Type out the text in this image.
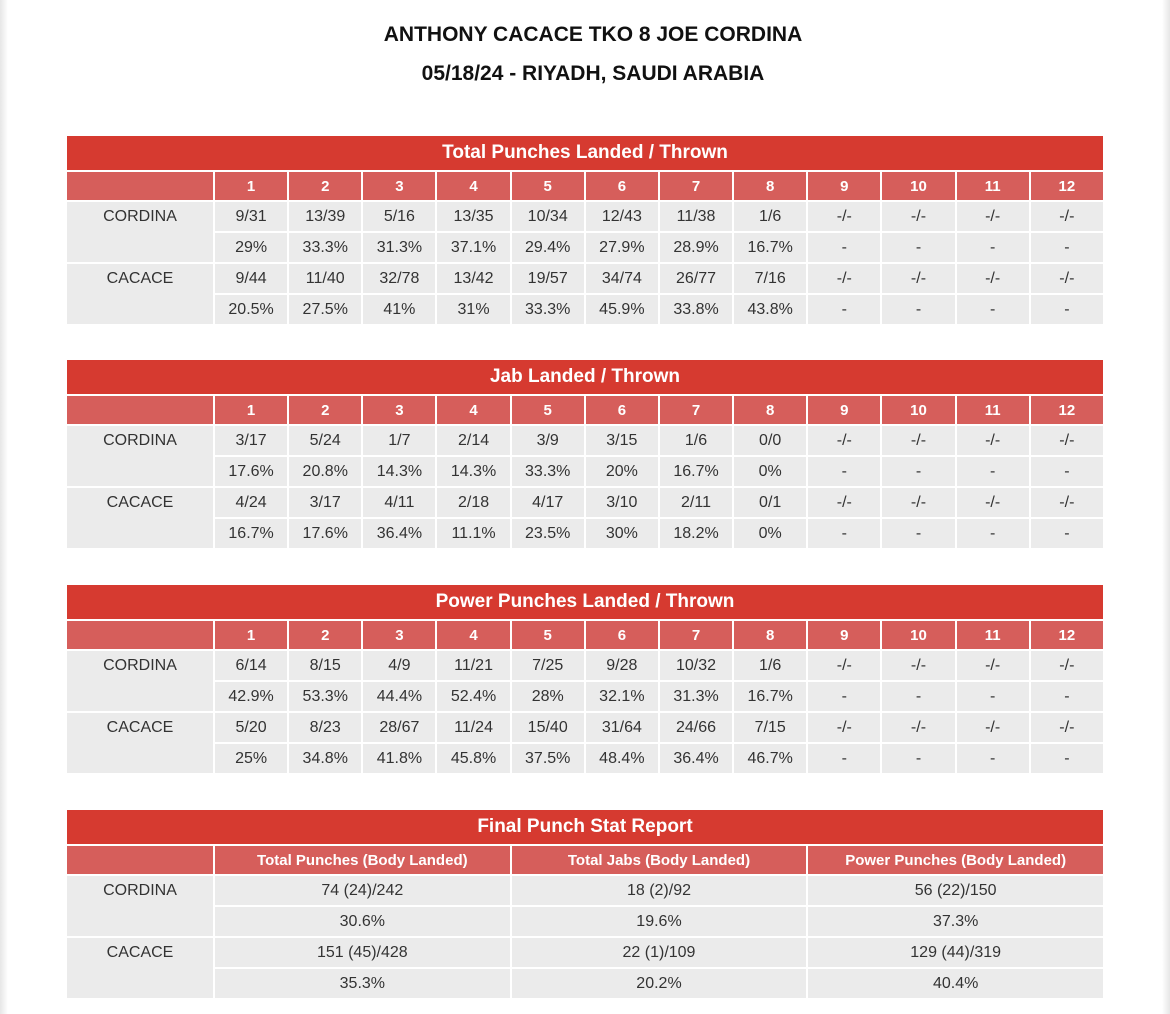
ANTHONY CACACE TKO 8 JOE CORDINA
05/18/24 - RIYADH, SAUDI ARABIA
Total Punches Landed / Thrown												
	1	2	3	4	5	6	7	8	9	10	11	12
CORDINA	9/31	13/39	5/16	13/35	10/34	12/43	11/38	1/6	-/-	-/-	-/-	-/-
	29%	33.3%	31.3%	37.1%	29.4%	27.9%	28.9%	16.7%	-	-	-	-
CACACE	9/44	11/40	32/78	13/42	19/57	34/74	26/77	7/16	-/-	-/-	-/-	-/-
	20.5%	27.5%	41%	31%	33.3%	45.9%	33.8%	43.8%	-	-	-	-
Jab Landed / Thrown												
	1	2	3	4	5	6	7	8	9	10	11	12
CORDINA	3/17	5/24	1/7	2/14	3/9	3/15	1/6	0/0	-/-	-/-	-/-	-/-
	17.6%	20.8%	14.3%	14.3%	33.3%	20%	16.7%	0%	-	-	-	-
CACACE	4/24	3/17	4/11	2/18	4/17	3/10	2/11	0/1	-/-	-/-	-/-	-/-
	16.7%	17.6%	36.4%	11.1%	23.5%	30%	18.2%	0%	-	-	-	-
Power Punches Landed / Thrown												
	1	2	3	4	5	6	7	8	9	10	11	12
CORDINA	6/14	8/15	4/9	11/21	7/25	9/28	10/32	1/6	-/-	-/-	-/-	-/-
	42.9%	53.3%	44.4%	52.4%	28%	32.1%	31.3%	16.7%	-	-	-	-
CACACE	5/20	8/23	28/67	11/24	15/40	31/64	24/66	7/15	-/-	-/-	-/-	-/-
	25%	34.8%	41.8%	45.8%	37.5%	48.4%	36.4%	46.7%	-	-	-	-
Final Punch Stat Report			
	Total Punches (Body Landed)	Total Jabs (Body Landed)	Power Punches (Body Landed)
CORDINA	74 (24)/242	18 (2)/92	56 (22)/150
	30.6%	19.6%	37.3%
CACACE	151 (45)/428	22 (1)/109	129 (44)/319
	35.3%	20.2%	40.4%
